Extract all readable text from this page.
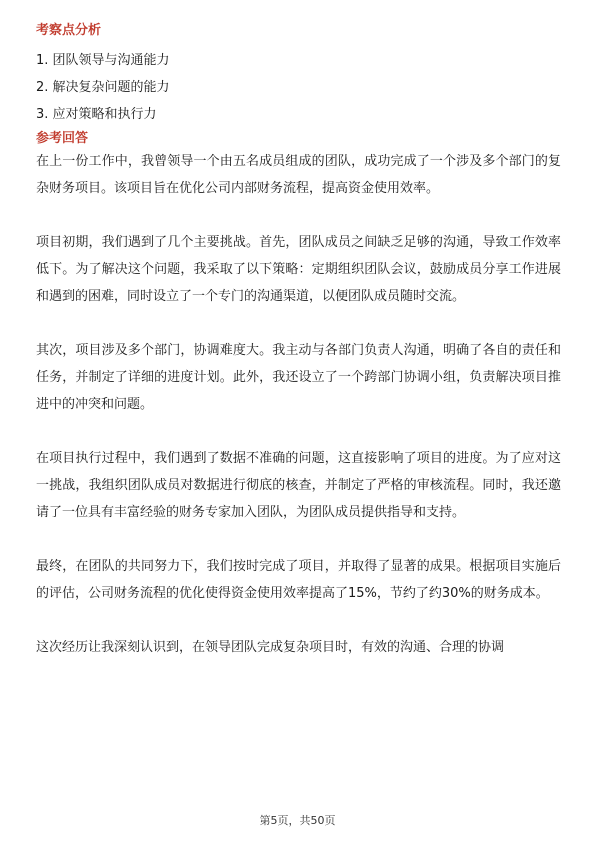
考察点分析
1. 团队领导与沟通能力
2. 解决复杂问题的能力
3. 应对策略和执行力
参考回答

在上一份工作中，我曾领导一个由五名成员组成的团队，成功完成了一个涉及多个部门的复杂财务项目。该项目旨在优化公司内部财务流程，提高资金使用效率。

项目初期，我们遇到了几个主要挑战。首先，团队成员之间缺乏足够的沟通，导致工作效率低下。为了解决这个问题，我采取了以下策略：定期组织团队会议，鼓励成员分享工作进展和遇到的困难，同时设立了一个专门的沟通渠道，以便团队成员随时交流。

其次，项目涉及多个部门，协调难度大。我主动与各部门负责人沟通，明确了各自的责任和任务，并制定了详细的进度计划。此外，我还设立了一个跨部门协调小组，负责解决项目推进中的冲突和问题。

在项目执行过程中，我们遇到了数据不准确的问题，这直接影响了项目的进度。为了应对这一挑战，我组织团队成员对数据进行彻底的核查，并制定了严格的审核流程。同时，我还邀请了一位具有丰富经验的财务专家加入团队，为团队成员提供指导和支持。

最终，在团队的共同努力下，我们按时完成了项目，并取得了显著的成果。根据项目实施后的评估，公司财务流程的优化使得资金使用效率提高了15%，节约了约30%的财务成本。

这次经历让我深刻认识到，在领导团队完成复杂项目时，有效的沟通、合理的协调

第5页，共50页
